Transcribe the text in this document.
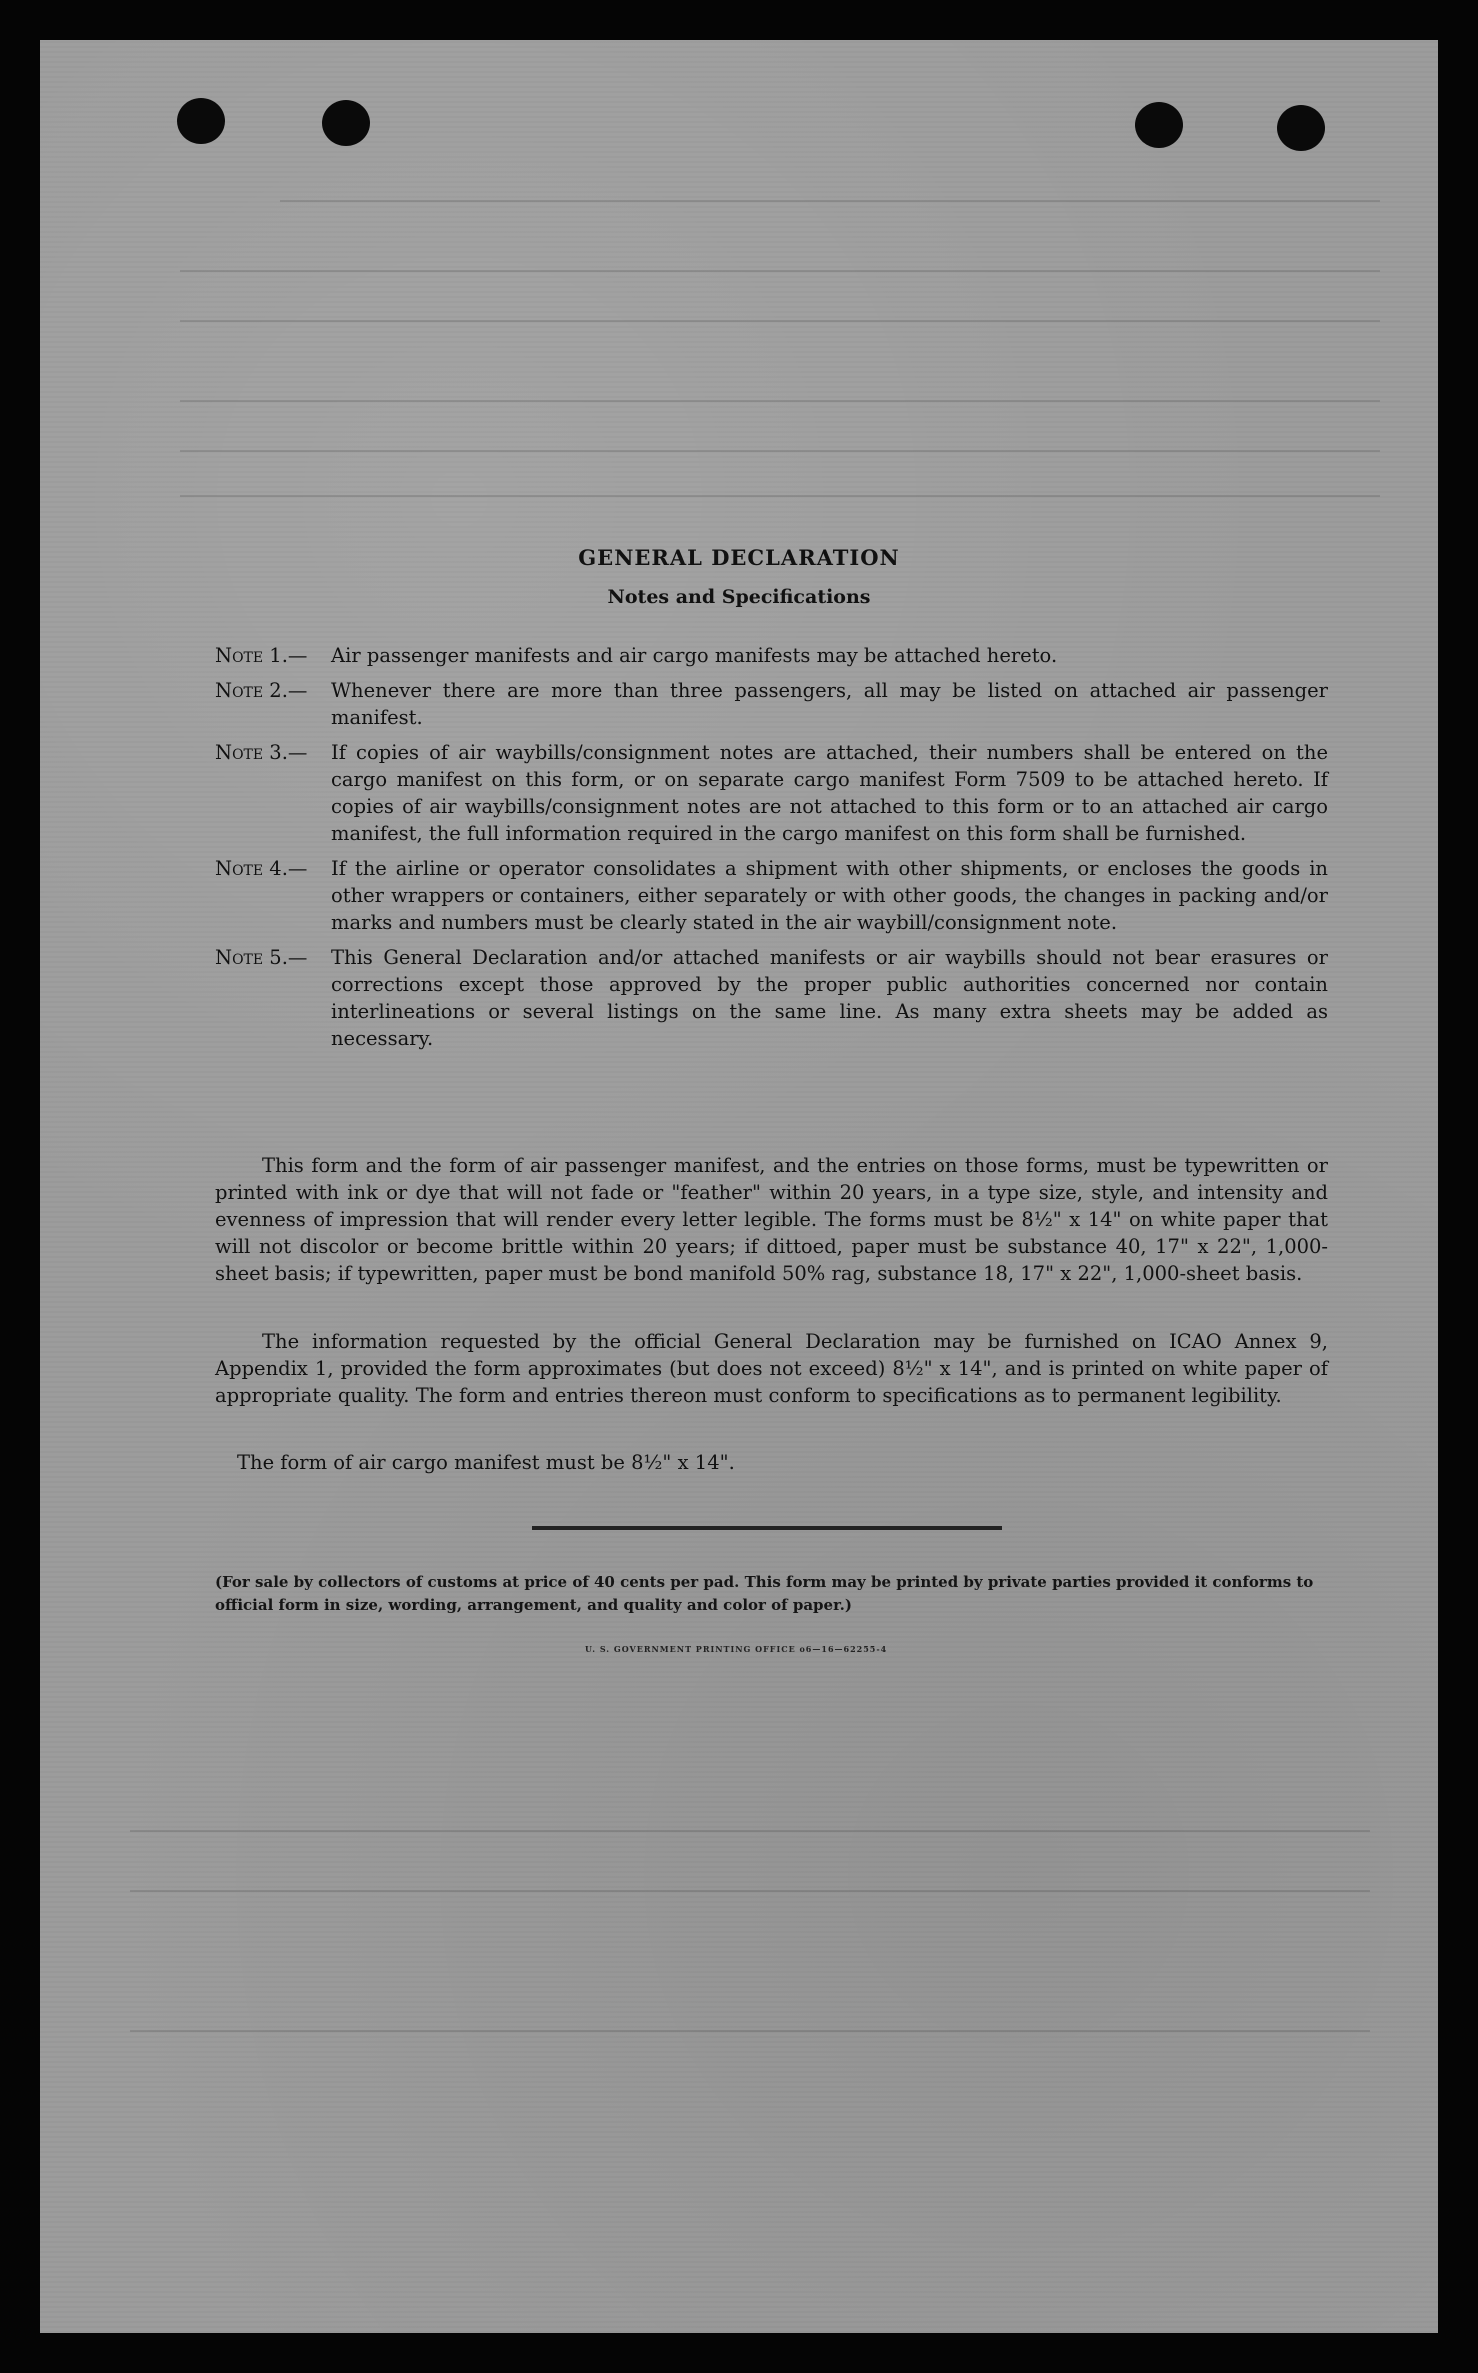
GENERAL DECLARATION
Notes and Specifications
Note 1.—	Air passenger manifests and air cargo manifests may be attached hereto.
Note 2.—	Whenever there are more than three passengers, all may be listed on attached air passenger manifest.
Note 3.—	If copies of air waybills/consignment notes are attached, their numbers shall be entered on the cargo manifest on this form, or on separate cargo manifest Form 7509 to be attached hereto. If copies of air waybills/consignment notes are not attached to this form or to an attached air cargo manifest, the full information required in the cargo manifest on this form shall be furnished.
Note 4.—	If the airline or operator consolidates a shipment with other shipments, or encloses the goods in other wrappers or containers, either separately or with other goods, the changes in packing and/or marks and numbers must be clearly stated in the air waybill/consignment note.
Note 5.—	This General Declaration and/or attached manifests or air waybills should not bear erasures or corrections except those approved by the proper public authorities concerned nor contain interlineations or several listings on the same line. As many extra sheets may be added as necessary.
This form and the form of air passenger manifest, and the entries on those forms, must be typewritten or printed with ink or dye that will not fade or "feather" within 20 years, in a type size, style, and intensity and evenness of impression that will render every letter legible. The forms must be 8½" x 14" on white paper that will not discolor or become brittle within 20 years; if dittoed, paper must be substance 40, 17" x 22", 1,000-sheet basis; if typewritten, paper must be bond manifold 50% rag, substance 18, 17" x 22", 1,000-sheet basis.
The information requested by the official General Declaration may be furnished on ICAO Annex 9, Appendix 1, provided the form approximates (but does not exceed) 8½" x 14", and is printed on white paper of appropriate quality. The form and entries thereon must conform to specifications as to permanent legibility.
The form of air cargo manifest must be 8½" x 14".
(For sale by collectors of customs at price of 40 cents per pad. This form may be printed by private parties provided it conforms to official form in size, wording, arrangement, and quality and color of paper.)
U. S. GOVERNMENT PRINTING OFFICE o6—16—62255-4
